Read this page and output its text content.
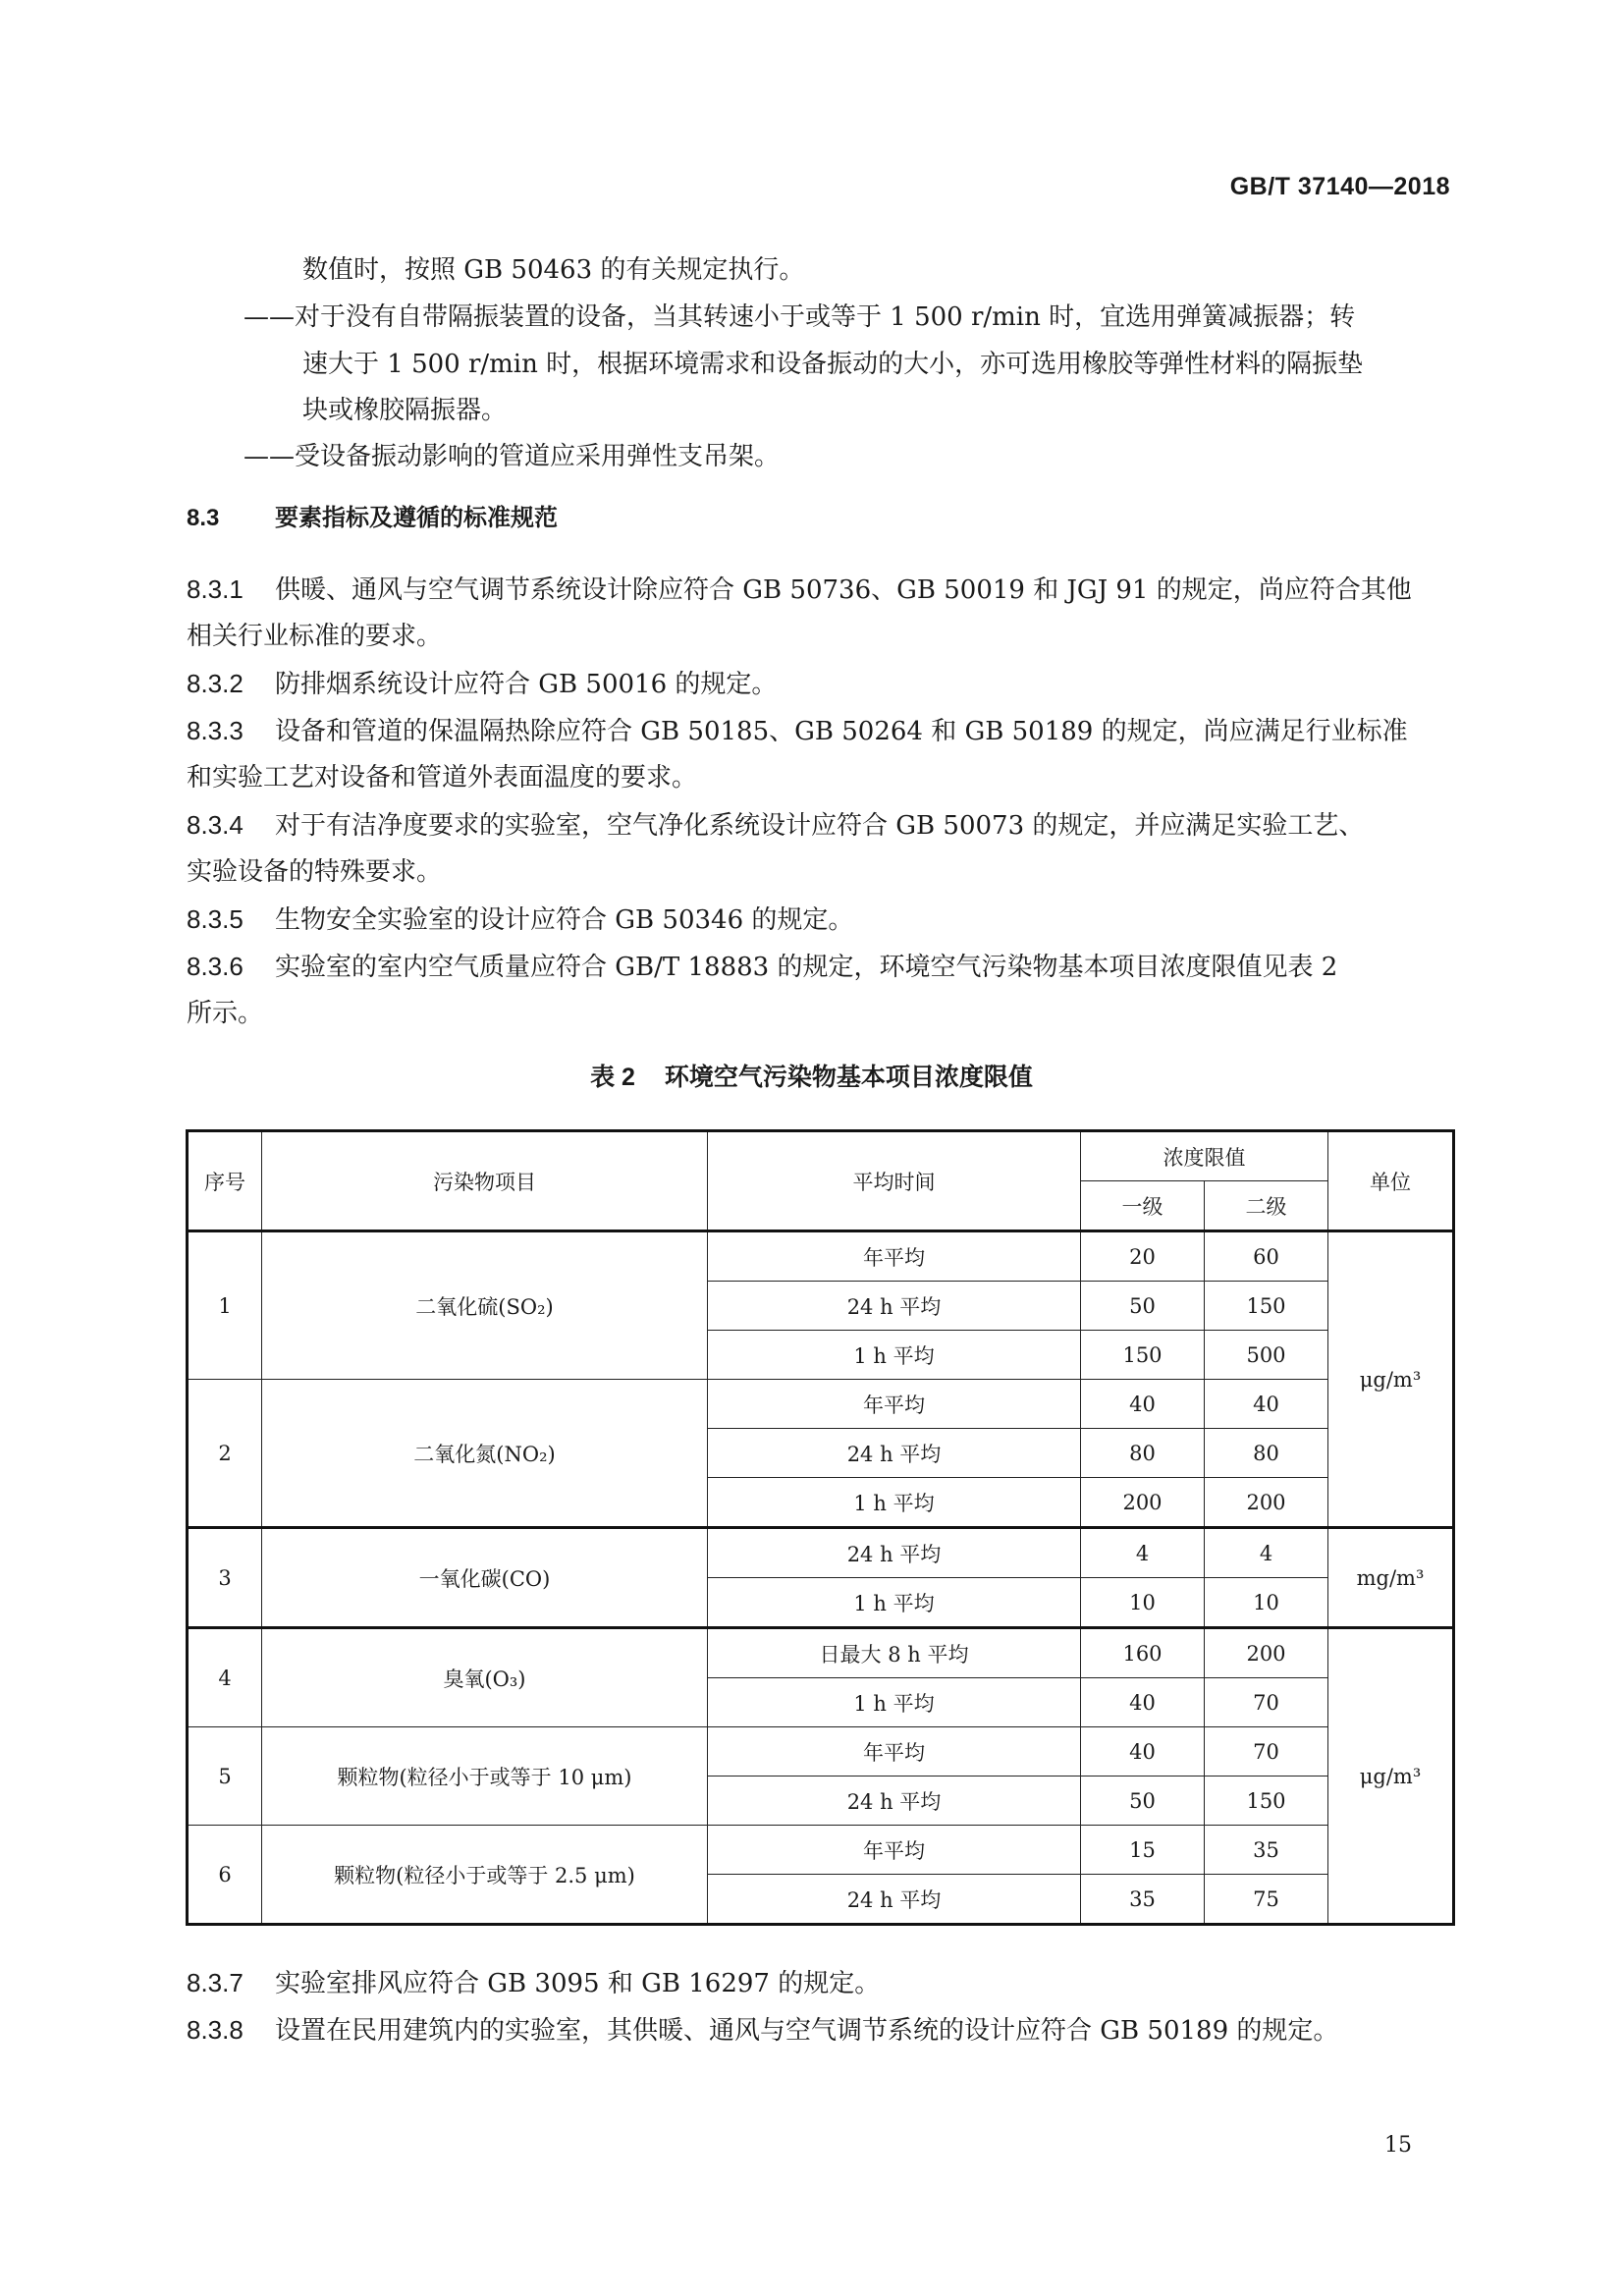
GB/T 37140—2018
数值时，按照 GB 50463 的有关规定执行。
——对于没有自带隔振装置的设备，当其转速小于或等于 1 500 r/min 时，宜选用弹簧减振器；转
速大于 1 500 r/min 时，根据环境需求和设备振动的大小，亦可选用橡胶等弹性材料的隔振垫
块或橡胶隔振器。
——受设备振动影响的管道应采用弹性支吊架。
8.3 要素指标及遵循的标准规范
8.3.1 供暖、通风与空气调节系统设计除应符合 GB 50736、GB 50019 和 JGJ 91 的规定，尚应符合其他
相关行业标准的要求。
8.3.2 防排烟系统设计应符合 GB 50016 的规定。
8.3.3 设备和管道的保温隔热除应符合 GB 50185、GB 50264 和 GB 50189 的规定，尚应满足行业标准
和实验工艺对设备和管道外表面温度的要求。
8.3.4 对于有洁净度要求的实验室，空气净化系统设计应符合 GB 50073 的规定，并应满足实验工艺、
实验设备的特殊要求。
8.3.5 生物安全实验室的设计应符合 GB 50346 的规定。
8.3.6 实验室的室内空气质量应符合 GB/T 18883 的规定，环境空气污染物基本项目浓度限值见表 2
所示。
表 2 环境空气污染物基本项目浓度限值
序号	污染物项目	平均时间	浓度限值		单位
			一级	二级	
1	二氧化硫(SO₂)	年平均	20	60	μg/m³
		24 h 平均	50	150	
		1 h 平均	150	500	
2	二氧化氮(NO₂)	年平均	40	40	
		24 h 平均	80	80	
		1 h 平均	200	200	
3	一氧化碳(CO)	24 h 平均	4	4	mg/m³
		1 h 平均	10	10	
4	臭氧(O₃)	日最大 8 h 平均	160	200	μg/m³
		1 h 平均	40	70	
5	颗粒物(粒径小于或等于 10 μm)	年平均	40	70	
		24 h 平均	50	150	
6	颗粒物(粒径小于或等于 2.5 μm)	年平均	15	35	
		24 h 平均	35	75	
8.3.7 实验室排风应符合 GB 3095 和 GB 16297 的规定。
8.3.8 设置在民用建筑内的实验室，其供暖、通风与空气调节系统的设计应符合 GB 50189 的规定。
15
